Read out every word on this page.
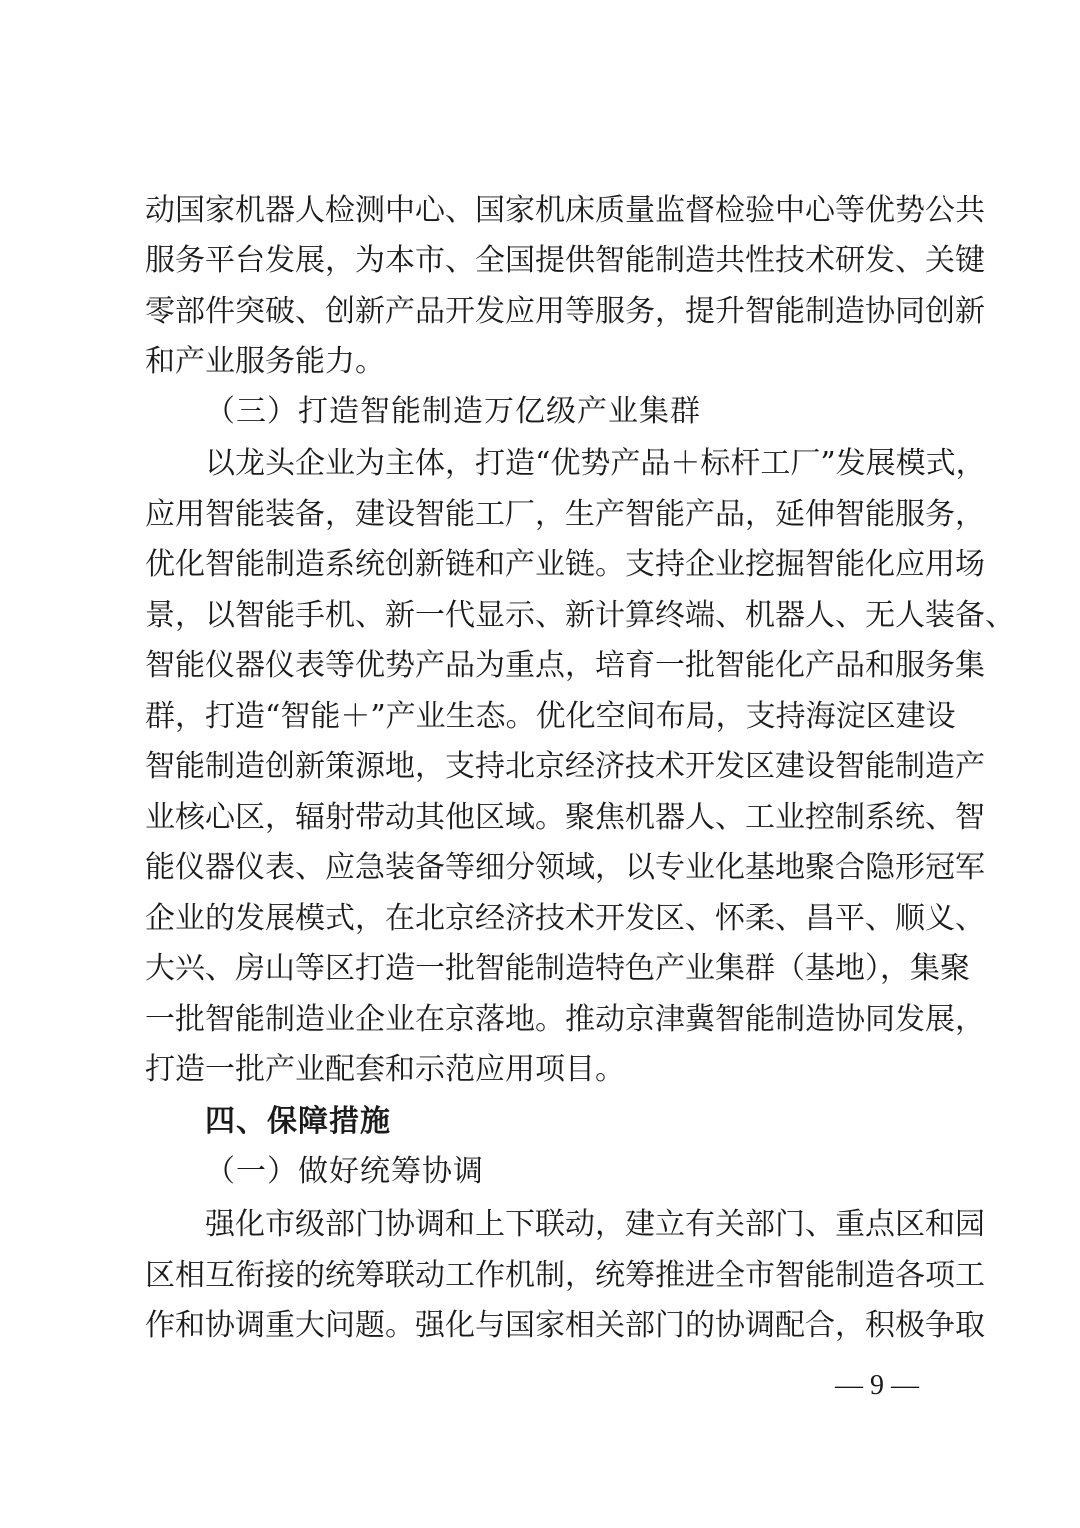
动国家机器人检测中心、国家机床质量监督检验中心等优势公共
服务平台发展，为本市、全国提供智能制造共性技术研发、关键
零部件突破、创新产品开发应用等服务，提升智能制造协同创新
和产业服务能力。
（三）打造智能制造万亿级产业集群
以龙头企业为主体，打造“优势产品＋标杆工厂”发展模式，
应用智能装备，建设智能工厂，生产智能产品，延伸智能服务，
优化智能制造系统创新链和产业链。支持企业挖掘智能化应用场
景，以智能手机、新一代显示、新计算终端、机器人、无人装备、
智能仪器仪表等优势产品为重点，培育一批智能化产品和服务集
群，打造“智能＋”产业生态。优化空间布局，支持海淀区建设
智能制造创新策源地，支持北京经济技术开发区建设智能制造产
业核心区，辐射带动其他区域。聚焦机器人、工业控制系统、智
能仪器仪表、应急装备等细分领域，以专业化基地聚合隐形冠军
企业的发展模式，在北京经济技术开发区、怀柔、昌平、顺义、
大兴、房山等区打造一批智能制造特色产业集群（基地），集聚
一批智能制造业企业在京落地。推动京津冀智能制造协同发展，
打造一批产业配套和示范应用项目。
四、保障措施
（一）做好统筹协调
强化市级部门协调和上下联动，建立有关部门、重点区和园
区相互衔接的统筹联动工作机制，统筹推进全市智能制造各项工
作和协调重大问题。强化与国家相关部门的协调配合，积极争取
— 9 —
